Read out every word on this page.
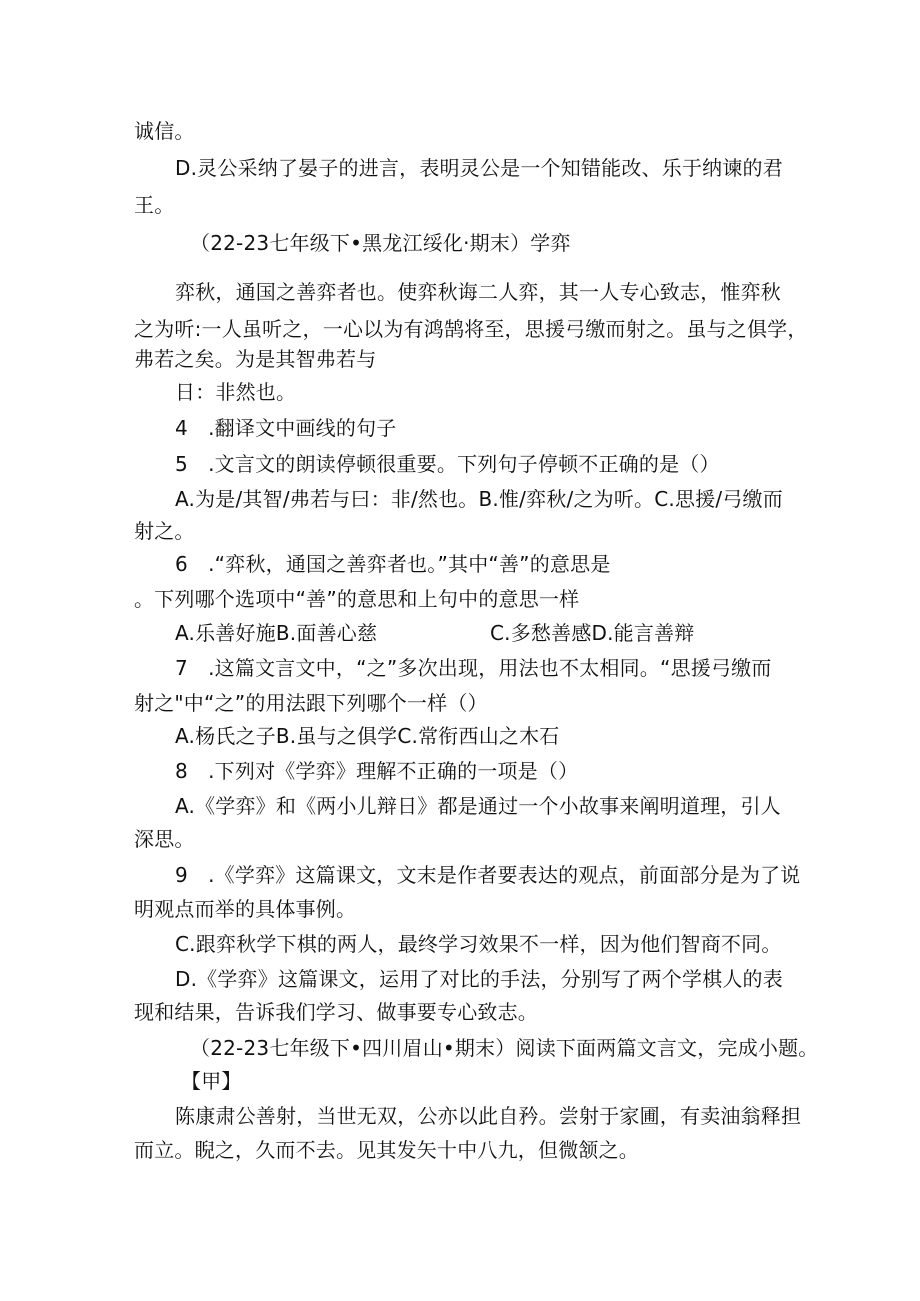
诚信。
D.灵公采纳了晏子的进言，表明灵公是一个知错能改、乐于纳谏的君
王。
（22-23七年级下•黑龙江绥化·期末）学弈
弈秋，通国之善弈者也。使弈秋诲二人弈，其一人专心致志，惟弈秋
之为听:一人虽听之，一心以为有鸿鹄将至，思援弓缴而射之。虽与之俱学，
弗若之矣。为是其智弗若与
日：非然也。
4　.翻译文中画线的句子
5　.文言文的朗读停顿很重要。下列句子停顿不正确的是（）
A.为是/其智/弗若与曰：非/然也。B.惟/弈秋/之为听。C.思援/弓缴而
射之。
6　.“弈秋，通国之善弈者也。”其中“善”的意思是
。下列哪个选项中“善”的意思和上句中的意思一样
A.乐善好施B.面善心慈	C.多愁善感D.能言善辩
7　.这篇文言文中，“之”多次出现，用法也不太相同。“思援弓缴而
射之"中“之”的用法跟下列哪个一样（）
A.杨氏之子B.虽与之俱学C.常衔西山之木石
8　.下列对《学弈》理解不正确的一项是（）
A.《学弈》和《两小儿辩日》都是通过一个小故事来阐明道理，引人
深思。
9　.《学弈》这篇课文，文末是作者要表达的观点，前面部分是为了说
明观点而举的具体事例。
C.跟弈秋学下棋的两人，最终学习效果不一样，因为他们智商不同。
D.《学弈》这篇课文，运用了对比的手法，分别写了两个学棋人的表
现和结果，告诉我们学习、做事要专心致志。
（22-23七年级下•四川眉山•期末）阅读下面两篇文言文，完成小题。
【甲】
陈康肃公善射，当世无双，公亦以此自矜。尝射于家圃，有卖油翁释担
而立。睨之，久而不去。见其发矢十中八九，但微颔之。
